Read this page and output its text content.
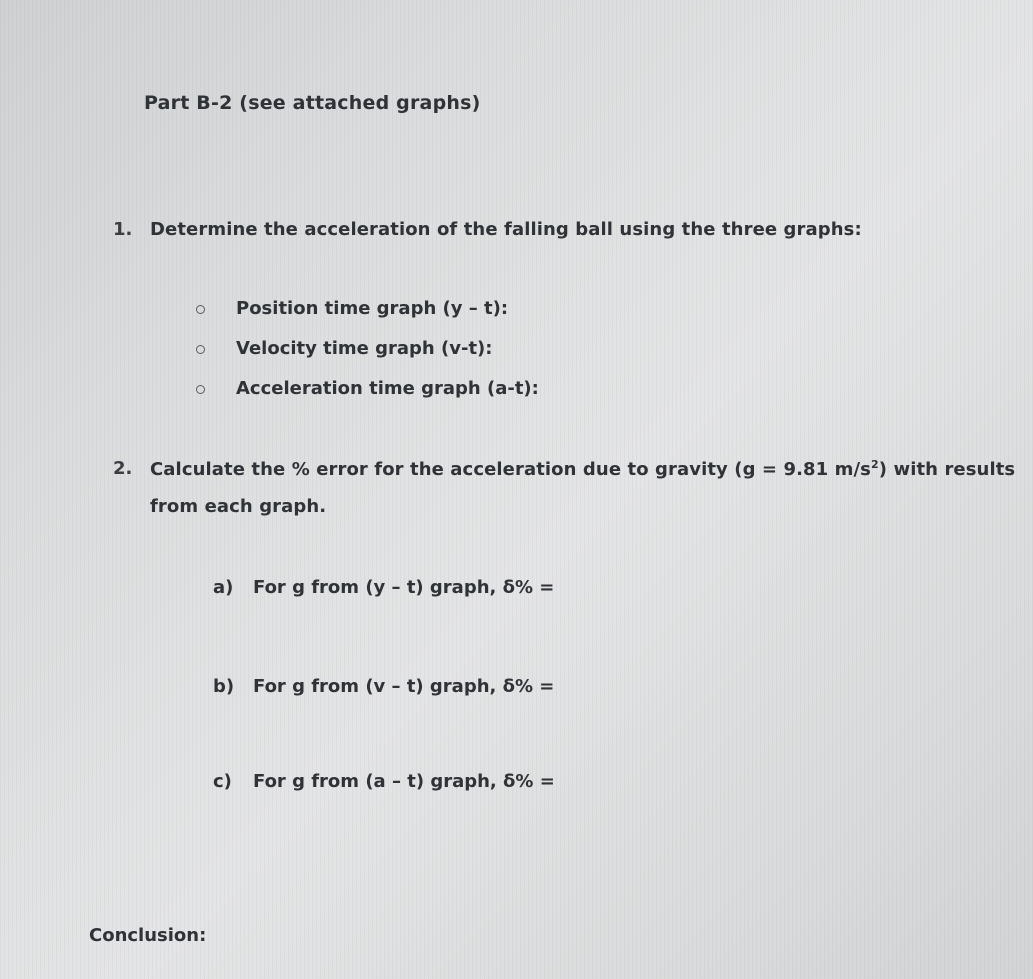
Part B-2 (see attached graphs)
1. Determine the acceleration of the falling ball using the three graphs:
Position time graph (y – t):
Velocity time graph (v-t):
Acceleration time graph (a-t):
2. Calculate the % error for the acceleration due to gravity (g = 9.81 $m/s^2$) with results
from each graph.
a) For g from (y – t) graph, δ% =
b) For g from (v – t) graph, δ% =
c) For g from (a – t) graph, δ% =
Conclusion:
